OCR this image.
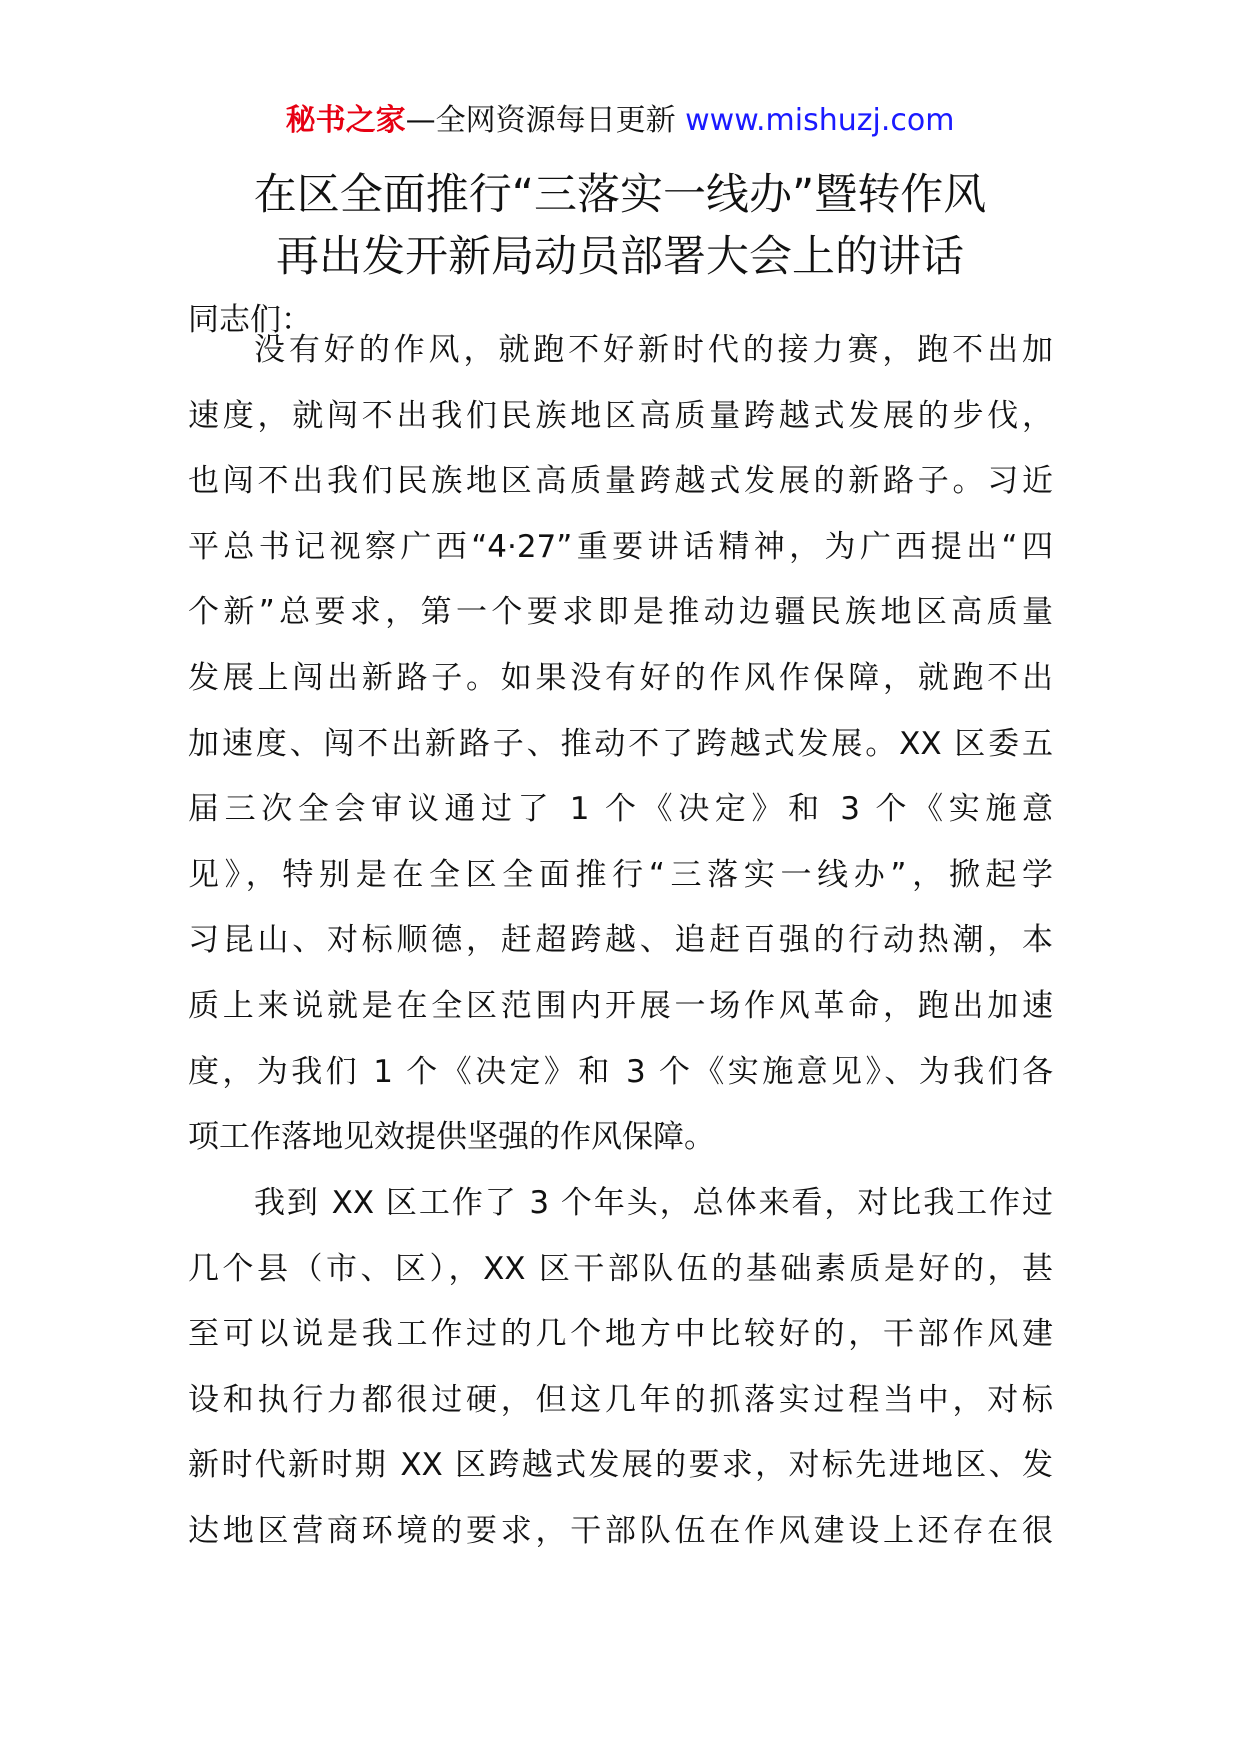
秘书之家—全网资源每日更新 www.mishuzj.com
在区全面推行“三落实一线办”暨转作风
再出发开新局动员部署大会上的讲话
同志们：
没有好的作风，就跑不好新时代的接力赛，跑不出加
速度，就闯不出我们民族地区高质量跨越式发展的步伐，
也闯不出我们民族地区高质量跨越式发展的新路子。习近
平总书记视察广西“4·27”重要讲话精神，为广西提出“四
个新”总要求，第一个要求即是推动边疆民族地区高质量
发展上闯出新路子。如果没有好的作风作保障，就跑不出
加速度、闯不出新路子、推动不了跨越式发展。XX 区委五
届三次全会审议通过了 1 个《决定》和 3 个《实施意
见》，特别是在全区全面推行“三落实一线办”，掀起学
习昆山、对标顺德，赶超跨越、追赶百强的行动热潮，本
质上来说就是在全区范围内开展一场作风革命，跑出加速
度，为我们 1 个《决定》和 3 个《实施意见》、为我们各
项工作落地见效提供坚强的作风保障。
我到 XX 区工作了 3 个年头，总体来看，对比我工作过
几个县（市、区），XX 区干部队伍的基础素质是好的，甚
至可以说是我工作过的几个地方中比较好的，干部作风建
设和执行力都很过硬，但这几年的抓落实过程当中，对标
新时代新时期 XX 区跨越式发展的要求，对标先进地区、发
达地区营商环境的要求，干部队伍在作风建设上还存在很
